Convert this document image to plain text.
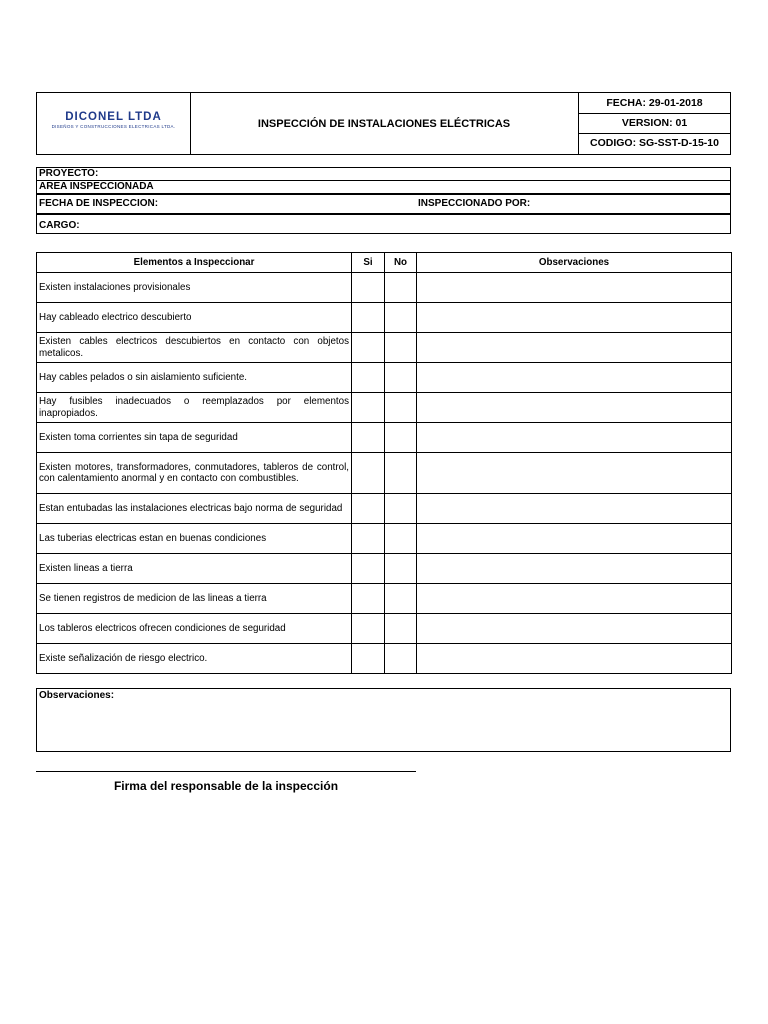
DICONEL LTDA
DISEÑOS Y CONSTRUCCIONES ELECTRICAS LTDA.	INSPECCIÓN DE INSTALACIONES ELÉCTRICAS
FECHA: 29-01-2018
VERSION: 01
CODIGO: SG-SST-D-15-10
PROYECTO:
AREA INSPECCIONADA
FECHA DE INSPECCION:	INSPECCIONADO POR:
CARGO:
Elementos a Inspeccionar	Si	No	Observaciones
Existen instalaciones provisionales			
Hay cableado electrico descubierto			
Existen cables electricos descubiertos en contacto con objetos metalicos.			
Hay cables pelados o sin aislamiento suficiente.			
Hay fusibles inadecuados o reemplazados por elementos inapropiados.			
Existen toma corrientes sin tapa de seguridad			
Existen motores, transformadores, conmutadores, tableros de control, con calentamiento anormal y en contacto con combustibles.			
Estan entubadas las instalaciones electricas bajo norma de seguridad			
Las tuberias electricas estan en buenas condiciones			
Existen lineas a tierra			
Se tienen registros de medicion de las lineas a tierra			
Los tableros electricos ofrecen condiciones de seguridad			
Existe señalización de riesgo electrico.			
Observaciones:
Firma del responsable de la inspección
